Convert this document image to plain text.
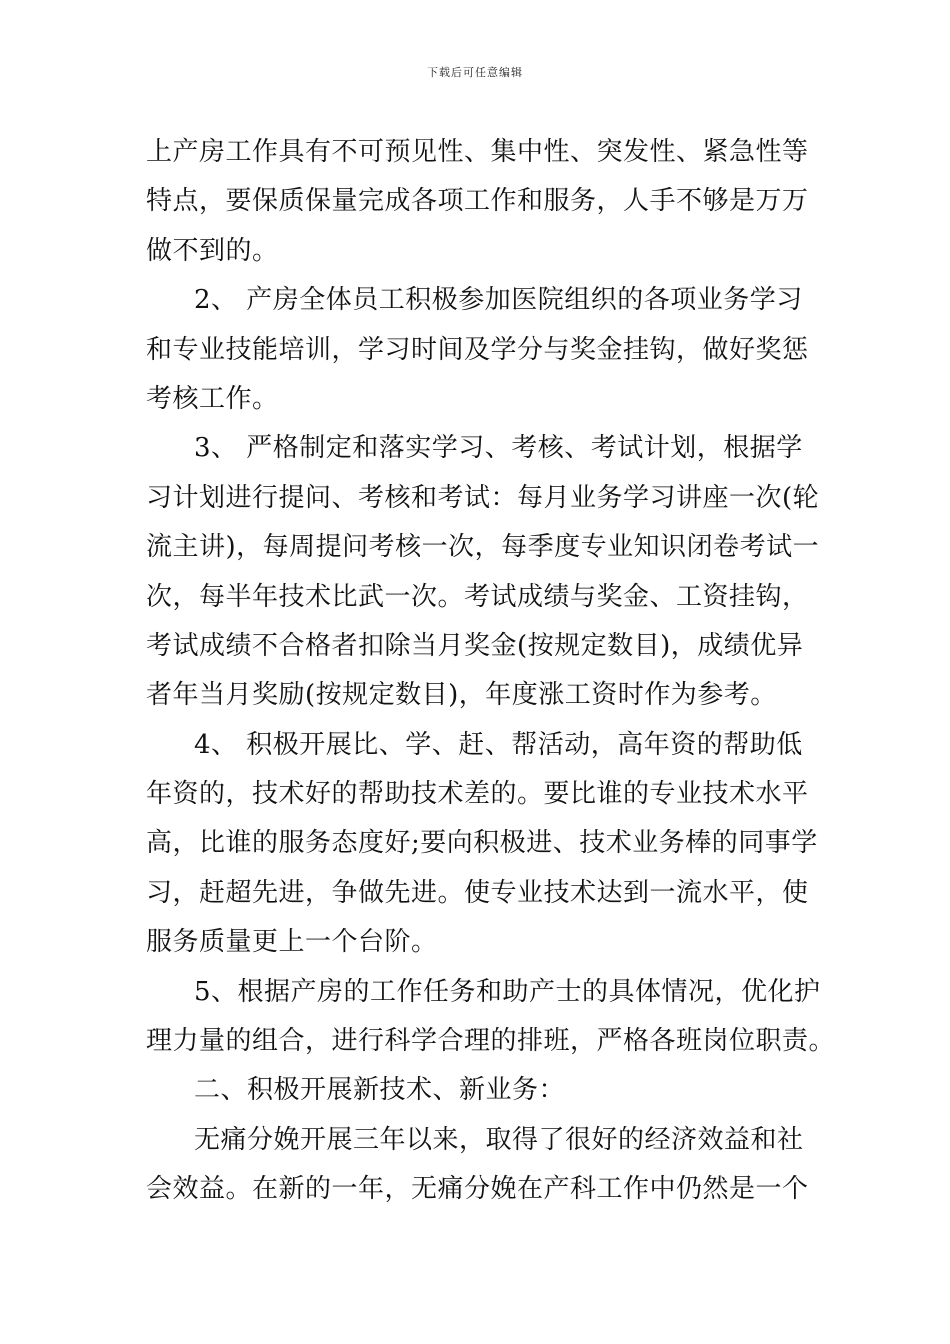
下载后可任意编辑
上产房工作具有不可预见性、集中性、突发性、紧急性等
特点，要保质保量完成各项工作和服务，人手不够是万万
做不到的。
2、 产房全体员工积极参加医院组织的各项业务学习
和专业技能培训，学习时间及学分与奖金挂钩，做好奖惩
考核工作。
3、 严格制定和落实学习、考核、考试计划，根据学
习计划进行提问、考核和考试：每月业务学习讲座一次(轮
流主讲)，每周提问考核一次，每季度专业知识闭卷考试一
次，每半年技术比武一次。考试成绩与奖金、工资挂钩，
考试成绩不合格者扣除当月奖金(按规定数目)，成绩优异
者年当月奖励(按规定数目)，年度涨工资时作为参考。
4、 积极开展比、学、赶、帮活动，高年资的帮助低
年资的，技术好的帮助技术差的。要比谁的专业技术水平
高，比谁的服务态度好;要向积极进、技术业务棒的同事学
习，赶超先进，争做先进。使专业技术达到一流水平，使
服务质量更上一个台阶。
5、根据产房的工作任务和助产士的具体情况，优化护
理力量的组合，进行科学合理的排班，严格各班岗位职责。
二、积极开展新技术、新业务：
无痛分娩开展三年以来，取得了很好的经济效益和社
会效益。在新的一年，无痛分娩在产科工作中仍然是一个
